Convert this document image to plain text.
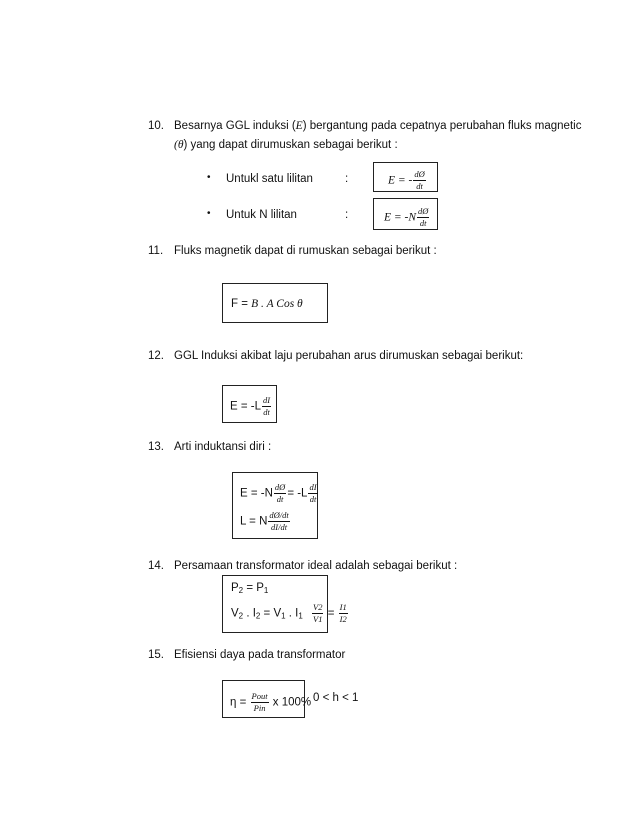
10. Besarnya GGL induksi (E) bergantung pada cepatnya perubahan fluks magnetic
(θ) yang dapat dirumuskan sebagai berikut :
• Untukl satu lilitan	:	E = - $\frac{dØ}{dt}$
• Untuk N lilitan	:	$E = -N \frac{dØ}{dt}$
11. Fluks magnetik dapat di rumuskan sebagai berikut :
F = B . A Cos θ
12. GGL Induksi akibat laju perubahan arus dirumuskan sebagai berikut:
$E = -L \frac{dI}{dt}$
13. Arti induktansi diri :
$E = -N \frac{dØ}{dt} = -L \frac{dI}{dt}$
L = N $\frac{dØ/dt}{dI/dt}$
14. Persamaan transformator ideal adalah sebagai berikut :
$P_2 = P_1$
$V_2$ . $I_2 = V_1$ . $I_1 \frac{V2}{V1} = \frac{I1}{I2}$
15. Efisiensi daya pada transformator
$\eta = \frac{\text{Pout}}{\text{Pin}}$ x 100% 0 < h < 1
